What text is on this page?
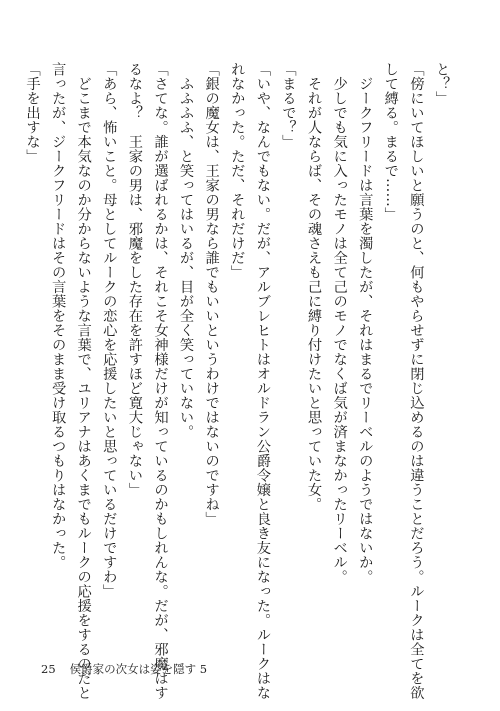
と？」
「傍にいてほしいと願うのと、何もやらせずに閉じ込めるのは違うことだろう。ルークは全てを欲
して縛る。まるで……」
　ジークフリードは言葉を濁したが、それはまるでリーベルのようではないか。
　少しでも気に入ったモノは全て己のモノでなくば気が済まなかったリーベル。
　それが人ならば、その魂さえも己に縛り付けたいと思っていた女。
「まるで？」
「いや、なんでもない。だが、アルブレヒトはオルドラン公爵令嬢と良き友になった。ルークはな
れなかった。ただ、それだけだ」
「銀の魔女は、王家の男なら誰でもいいというわけではないのですね」
　ふふふふ、と笑ってはいるが、目が全く笑っていない。
「さてな。誰が選ばれるかは、それこそ女神様だけが知っているのかもしれんな。だが、邪魔はす
るなよ？　王家の男は、邪魔をした存在を許すほど寛大じゃない」
「あら、怖いこと。母としてルークの恋心を応援したいと思っているだけですわ」
　どこまで本気なのか分からないような言葉で、ユリアナはあくまでもルークの応援をするのだと
言ったが、ジークフリードはその言葉をそのまま受け取るつもりはなかった。
「手を出すな」
25 侯爵家の次女は姿を隠す 5
